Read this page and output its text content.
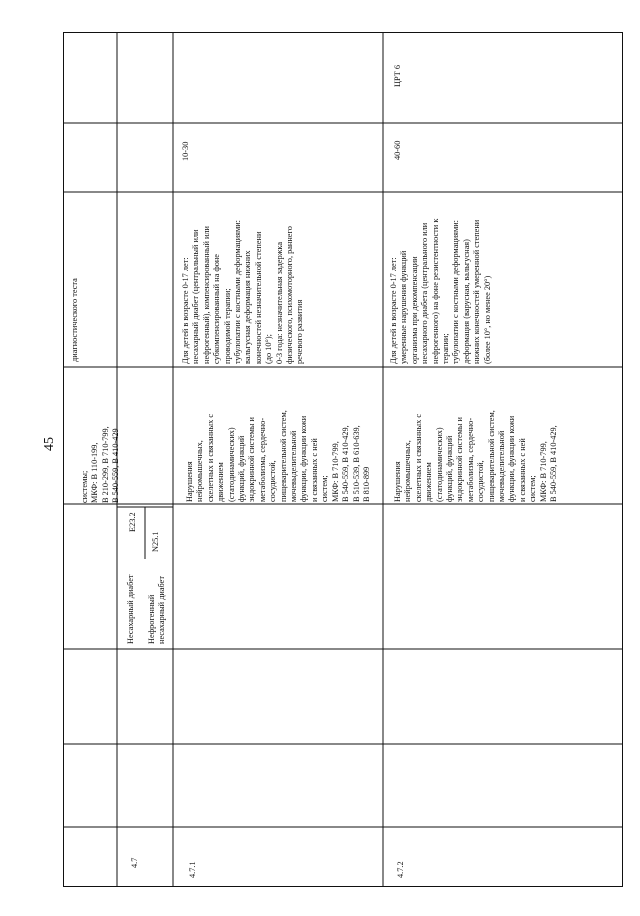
45
системы;
МКФ: В 110-199,
В 210-299, В 710-799,
В 540-559, В 410-429
диагностического теста
4.7
Несахарный диабет
E23.2
Нефрогенный
несахарный диабет
N25.1
4.7.1
Нарушения
нейромышечных,
скелетных и связанных с
движением
(статодинамических)
функций, функций
эндокринной системы и
метаболизма, сердечно-
сосудистой,
пищеварительной систем,
мочевыделительной
функции, функции кожи
и связанных с ней
систем;
МКФ: В 710-799,
В 540-559, В 410-429,
В 510-539, В 610-639,
В 810-899
Для детей в возрасте 0-17 лет:
несахарный диабет (центральный или
нефрогенный), компенсированный или
субкомпенсированный на фоне
проводимой терапии;
тубулопатии с костными деформациями:
вальгусная деформация нижних
конечностей незначительной степени
(до 10°);
0-3 года: незначительная задержка
физического, психомоторного, раннего
речевого развития
10-30
4.7.2
Нарушения
нейромышечных,
скелетных и связанных с
движением
(статодинамических)
функций, функций
эндокринной системы и
метаболизма, сердечно-
сосудистой,
пищеварительной систем,
мочевыделительной
функции, функции кожи
и связанных с ней
систем;
МКФ: В 710-799,
В 540-559, В 410-429,
Для детей в возрасте 0-17 лет:
умеренные нарушения функций
организма при декомпенсации
несахарного диабета (центрального или
нефрогенного) на фоне резистентности к
терапии;
тубулопатии с костными деформациями:
деформация (варусная, вальгусная)
нижних конечностей умеренной степени
(более 10°, но менее 20°)
40-60
ЦРТ 6
